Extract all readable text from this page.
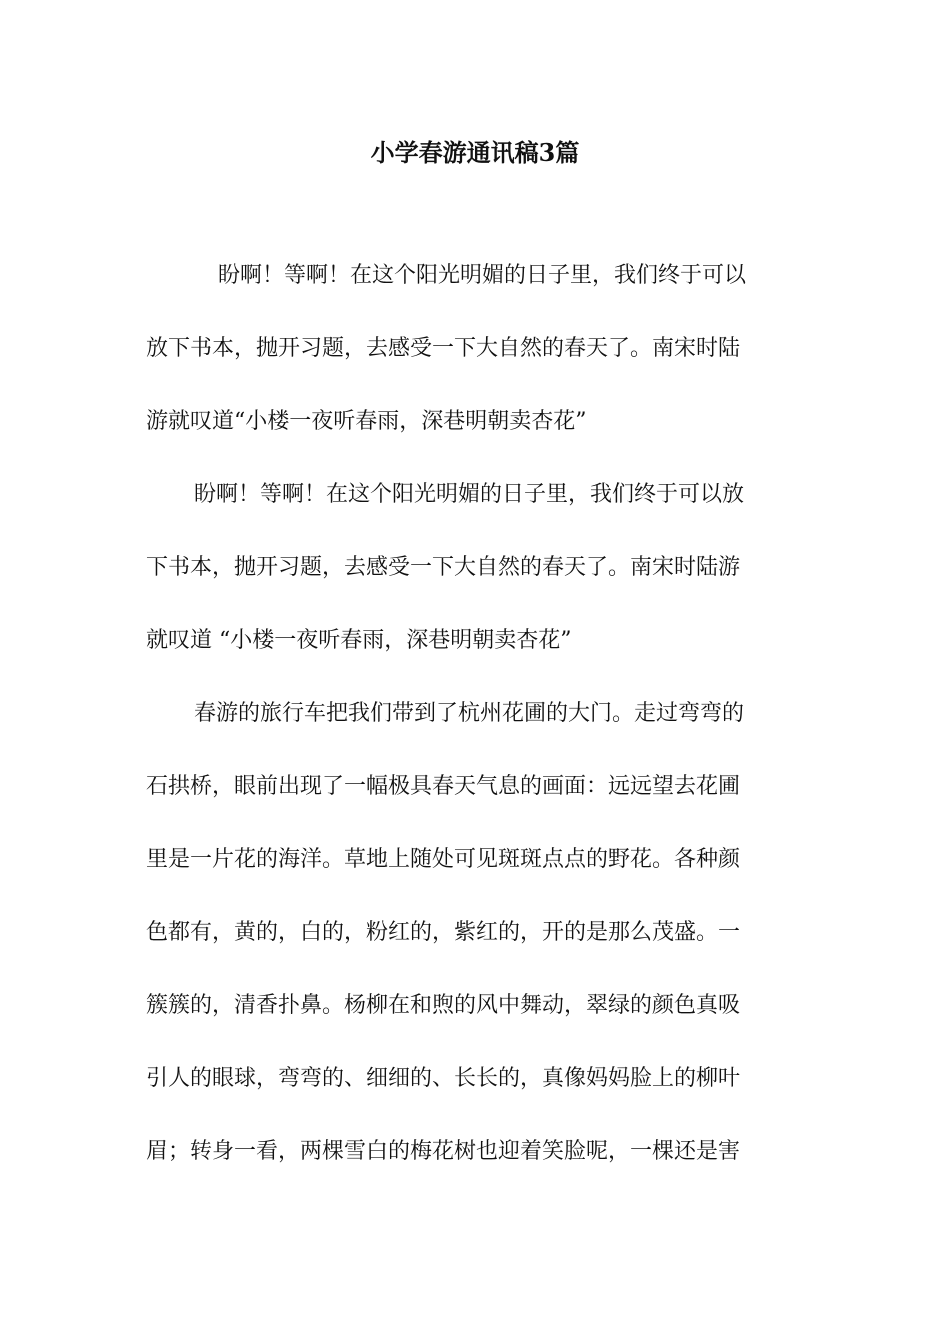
小学春游通讯稿3篇
盼啊！等啊！在这个阳光明媚的日子里，我们终于可以
放下书本，抛开习题，去感受一下大自然的春天了。南宋时陆
游就叹道“小楼一夜听春雨，深巷明朝卖杏花”
盼啊！等啊！在这个阳光明媚的日子里，我们终于可以放
下书本，抛开习题，去感受一下大自然的春天了。南宋时陆游
就叹道 “小楼一夜听春雨，深巷明朝卖杏花”
春游的旅行车把我们带到了杭州花圃的大门。走过弯弯的
石拱桥，眼前出现了一幅极具春天气息的画面：远远望去花圃
里是一片花的海洋。草地上随处可见斑斑点点的野花。各种颜
色都有，黄的，白的，粉红的，紫红的，开的是那么茂盛。一
簇簇的，清香扑鼻。杨柳在和煦的风中舞动，翠绿的颜色真吸
引人的眼球，弯弯的、细细的、长长的，真像妈妈脸上的柳叶
眉；转身一看，两棵雪白的梅花树也迎着笑脸呢，一棵还是害
